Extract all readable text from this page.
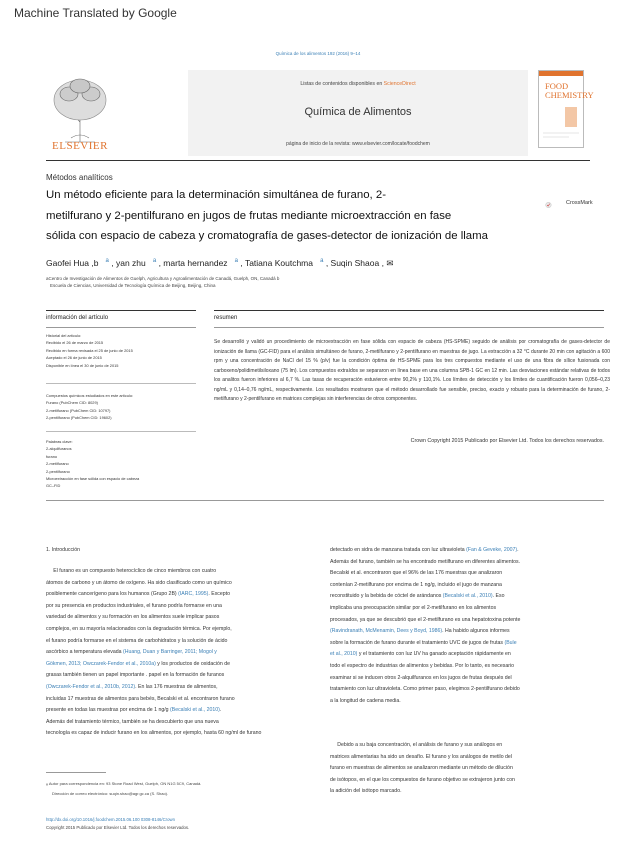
Machine Translated by Google
Química de los alimentos 192 (2016) 9–14
ELSEVIER
Listas de contenidos disponibles en ScienceDirect
Química de Alimentos
página de inicio de la revista: www.elsevier.com/locate/foodchem
FOOD
CHEMISTRY
Métodos analíticos
Un método eficiente para la determinación simultánea de furano, 2-
metilfurano y 2-pentilfurano en jugos de frutas mediante microextracción en fase
sólida con espacio de cabeza y cromatografía de gases-detector de ionización de llama
CrossMark
Gaofei Hua ,b $^a$ , yan zhu $^a$ , marta hernandez $^a$ , Tatiana Koutchma $^a$ , Suqin Shaoa , ✉
aCentro de Investigación de Alimentos de Guelph, Agricultura y Agroalimentación de Canadá, Guelph, ON, Canadá b
Escuela de Ciencias, Universidad de Tecnología Química de Beijing, Beijing, China
información del artículo
Historial del artículo:
Recibido el 26 de marzo de 2015
Recibido en forma revisada el 25 de junio de 2015
Aceptado el 26 de junio de 2015
Disponible en línea el 30 de junio de 2015
Compuestos químicos estudiados en este artículo:
Furano (PubChem CID: 8029)
2-metilfurano (PubChem CID: 10797)
2-pentilfurano (PubChem CID: 19602)
Palabras clave:
2-alquilfuranos
furano
2-metilfurano
2-pentilfurano
Microextracción en fase sólida con espacio de cabeza
GC–FID
resumen
Se desarrolló y validó un procedimiento de microextracción en fase sólida con espacio de cabeza (HS-SPME) seguido de análisis por cromatografía de gases-detector de ionización de llama (GC-FID) para el análisis simultáneo de furano, 2-metilfurano y 2-pentilfurano en muestras de jugo. La extracción a 32 °C durante 20 min con agitación a 600 rpm y una concentración de NaCl del 15 % (p/v) fue la condición óptima de HS-SPME para los tres compuestos mediante el uso de una fibra de sílice fusionada con carboxeno/polidimetilsiloxano (75 lm). Los compuestos extraídos se separaron en línea base en una columna SPB-1 GC en 12 min. Las desviaciones estándar relativas de todos los analitos fueron inferiores al 6,7 %. Las tasas de recuperación estuvieron entre 90,2% y 110,1%. Los límites de detección y los límites de cuantificación fueron 0,056–0,23 ng/mL y 0,14–0,76 ng/mL, respectivamente. Los resultados mostraron que el método desarrollado fue sensible, preciso, exacto y robusto para la determinación de furano, 2-metilfurano y 2-pentilfurano en matrices complejas sin interferencias de otros componentes.
Crown Copyright 2015 Publicado por Elsevier Ltd. Todos los derechos reservados.
1. Introducción
El furano es un compuesto heterocíclico de cinco miembros con cuatro
átomos de carbono y un átomo de oxígeno. Ha sido clasificado como un químico
posiblemente cancerígeno para los humanos (Grupo 2B) (IARC, 1995). Excepto
por su presencia en productos industriales, el furano podría formarse en una
variedad de alimentos y su formación en los alimentos suele implicar pasos
complejos, en su mayoría relacionados con la degradación térmica. Por ejemplo,
el furano podría formarse en el sistema de carbohidratos y la solución de ácido
ascórbico a temperatura elevada (Huang, Duan y Barringer, 2011; Mogol y
Gökmen, 2013; Owczarek-Fendor et al., 2010a) y los productos de oxidación de
grasas también tienen un papel importante . papel en la formación de furanos
(Owczarek-Fendor et al., 2010b, 2012). En las 176 muestras de alimentos,
incluidas 17 muestras de alimentos para bebés, Becalski et al. encontraron furano
presente en todas las muestras por encima de 1 ng/g (Becalski et al., 2010).
Además del tratamiento térmico, también se ha descubierto que una nueva
tecnología es capaz de inducir furano en los alimentos, por ejemplo, hasta 60 ng/ml de furano
detectado en sidra de manzana tratada con luz ultravioleta (Fan & Geveke, 2007).
Además del furano, también se ha encontrado metilfurano en diferentes alimentos.
Becalski et al. encontraron que el 96% de las 176 muestras que analizaron
contenían 2-metilfurano por encima de 1 ng/g, incluido el jugo de manzana
reconstituido y la bebida de cóctel de arándanos (Becalski et al., 2010). Eso
implicaba una preocupación similar por el 2-metilfurano en los alimentos
procesados, ya que se descubrió que el 2-metilfurano es una hepatotoxina potente
(Ravindranath, McMenamin, Dees y Boyd, 1986). Ha habido algunos informes
sobre la formación de furano durante el tratamiento UVC de jugos de frutas (Bule
et al., 2010) y el tratamiento con luz UV ha ganado aceptación rápidamente en
todo el espectro de industrias de alimentos y bebidas. Por lo tanto, es necesario
examinar si se inducen otros 2-alquilfuranos en los jugos de frutas después del
tratamiento con luz ultravioleta. Como primer paso, elegimos 2-pentilfurano debido
a la longitud de cadena media.
Debido a su baja concentración, el análisis de furano y sus análogos en
matrices alimentarias ha sido un desafío. El furano y los análogos de metilo del
furano en muestras de alimentos se analizaron mediante un método de dilución
de isótopos, en el que los compuestos de furano objetivo se extrajeron junto con
la adición del isótopo marcado.
⁎ Autor para correspondencia en: 93 Stone Road West, Guelph, ON N1G 5C9, Canadá.
Dirección de correo electrónico: suqin.shao@agr.gc.ca (S. Shao).
http://dx.doi.org/10.1016/j.foodchem.2015.06.100 0308-8146/Crown
Copyright 2015 Publicado por Elsevier Ltd. Todos los derechos reservados.
